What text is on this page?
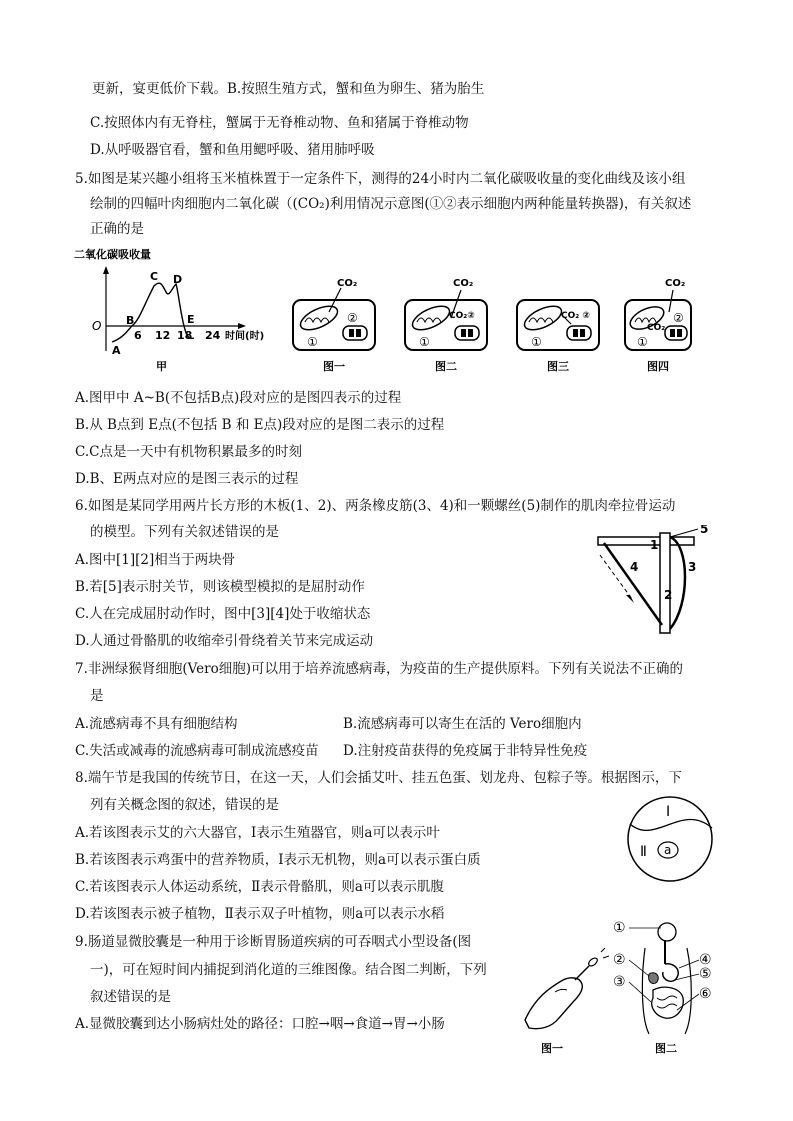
更新，宴更低价下载。B.按照生殖方式，蟹和鱼为卵生、猪为胎生
C.按照体内有无脊柱，蟹属于无脊椎动物、鱼和猪属于脊椎动物
D.从呼吸器官看，蟹和鱼用鳃呼吸、猪用肺呼吸
5.如图是某兴趣小组将玉米植株置于一定条件下，测得的24小时内二氧化碳吸收量的变化曲线及该小组
绘制的四幅叶肉细胞内二氧化碳（(CO₂)利用情况示意图(①②表示细胞内两种能量转换器)，有关叙述
正确的是
A.图甲中 A~B(不包括B点)段对应的是图四表示的过程
B.从 B点到 E点(不包括 B 和 E点)段对应的是图二表示的过程
C.C点是一天中有机物积累最多的时刻
D.B、E两点对应的是图三表示的过程
6.如图是某同学用两片长方形的木板(1、2)、两条橡皮筋(3、4)和一颗螺丝(5)制作的肌肉牵拉骨运动
的模型。下列有关叙述错误的是
A.图中[1][2]相当于两块骨
B.若[5]表示肘关节，则该模型模拟的是屈肘动作
C.人在完成屈肘动作时，图中[3][4]处于收缩状态
D.人通过骨骼肌的收缩牵引骨绕着关节来完成运动
7.非洲绿猴肾细胞(Vero细胞)可以用于培养流感病毒，为疫苗的生产提供原料。下列有关说法不正确的
是
A.流感病毒不具有细胞结构	B.流感病毒可以寄生在活的 Vero细胞内
C.失活或减毒的流感病毒可制成流感疫苗 D.注射疫苗获得的免疫属于非特异性免疫
8.端午节是我国的传统节日，在这一天，人们会插艾叶、挂五色蛋、划龙舟、包粽子等。根据图示，下
列有关概念图的叙述，错误的是
A.若该图表示艾的六大器官，Ⅰ表示生殖器官，则a可以表示叶
B.若该图表示鸡蛋中的营养物质，Ⅰ表示无机物，则a可以表示蛋白质
C.若该图表示人体运动系统，Ⅱ表示骨骼肌，则a可以表示肌腹
D.若该图表示被子植物，Ⅱ表示双子叶植物，则a可以表示水稻
9.肠道显微胶囊是一种用于诊断胃肠道疾病的可吞咽式小型设备(图
一)，可在短时间内捕捉到消化道的三维图像。结合图二判断，下列
叙述错误的是
A.显微胶囊到达小肠病灶处的路径：口腔→咽→食道→胃→小肠
二氧化碳吸收量
O
A
B
C D
E
6 12 18 24 时间(时)
甲
CO₂
①
②
图一
CO₂
CO₂②
①
图二
CO₂ ②
①
图三
CO₂
CO₂
②
①
图四
1
2
3
4
5
Ⅰ
Ⅱ a
图一
①
②
③
④
⑤
⑥
图二
